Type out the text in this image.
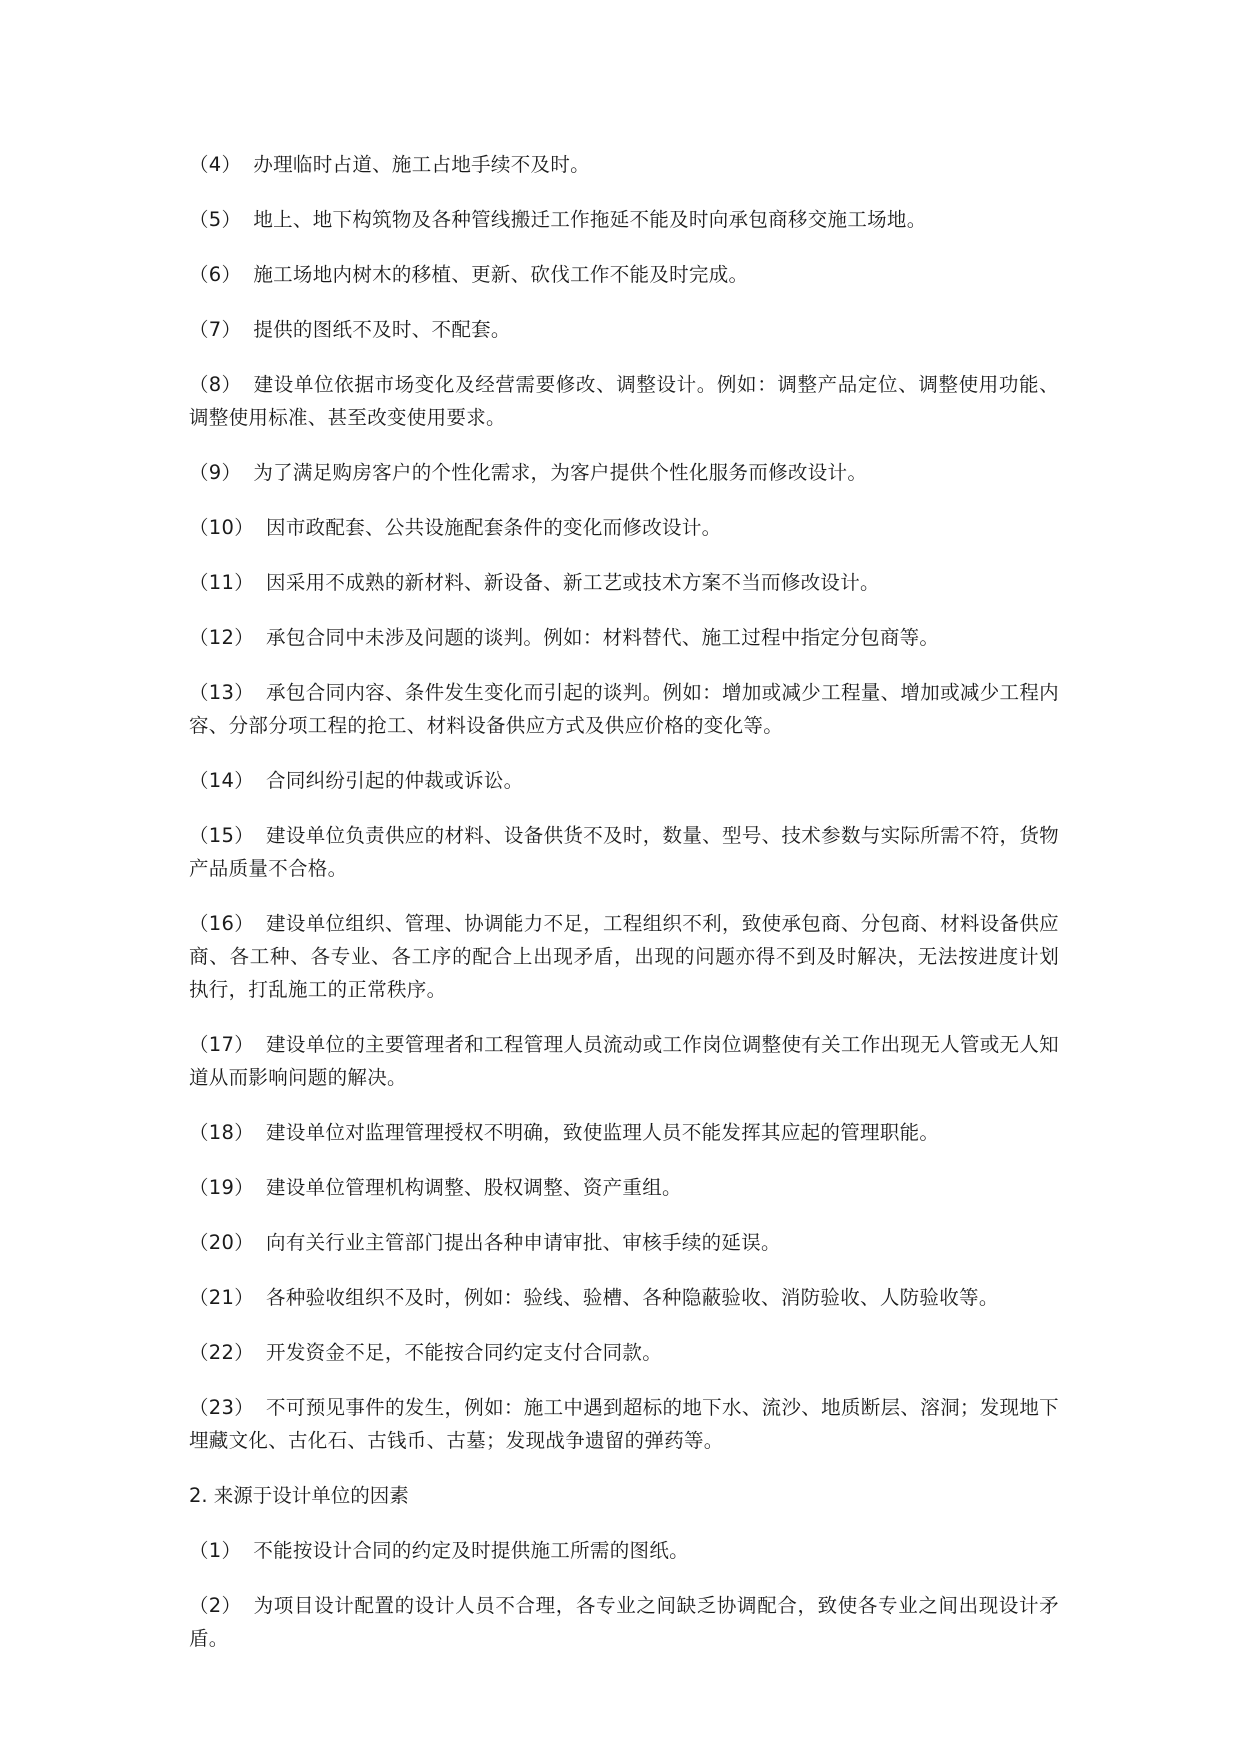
（4） 办理临时占道、施工占地手续不及时。

（5） 地上、地下构筑物及各种管线搬迁工作拖延不能及时向承包商移交施工场地。

（6） 施工场地内树木的移植、更新、砍伐工作不能及时完成。

（7） 提供的图纸不及时、不配套。

（8） 建设单位依据市场变化及经营需要修改、调整设计。例如：调整产品定位、调整使用功能、调整使用标准、甚至改变使用要求。

（9） 为了满足购房客户的个性化需求，为客户提供个性化服务而修改设计。

（10） 因市政配套、公共设施配套条件的变化而修改设计。

（11） 因采用不成熟的新材料、新设备、新工艺或技术方案不当而修改设计。

（12） 承包合同中未涉及问题的谈判。例如：材料替代、施工过程中指定分包商等。

（13） 承包合同内容、条件发生变化而引起的谈判。例如：增加或减少工程量、增加或减少工程内容、分部分项工程的抢工、材料设备供应方式及供应价格的变化等。

（14） 合同纠纷引起的仲裁或诉讼。

（15） 建设单位负责供应的材料、设备供货不及时，数量、型号、技术参数与实际所需不符，货物产品质量不合格。

（16） 建设单位组织、管理、协调能力不足，工程组织不利，致使承包商、分包商、材料设备供应商、各工种、各专业、各工序的配合上出现矛盾，出现的问题亦得不到及时解决，无法按进度计划执行，打乱施工的正常秩序。

（17） 建设单位的主要管理者和工程管理人员流动或工作岗位调整使有关工作出现无人管或无人知道从而影响问题的解决。

（18） 建设单位对监理管理授权不明确，致使监理人员不能发挥其应起的管理职能。

（19） 建设单位管理机构调整、股权调整、资产重组。

（20） 向有关行业主管部门提出各种申请审批、审核手续的延误。

（21） 各种验收组织不及时，例如：验线、验槽、各种隐蔽验收、消防验收、人防验收等。

（22） 开发资金不足，不能按合同约定支付合同款。

（23） 不可预见事件的发生，例如：施工中遇到超标的地下水、流沙、地质断层、溶洞；发现地下埋藏文化、古化石、古钱币、古墓；发现战争遗留的弹药等。

2. 来源于设计单位的因素

（1） 不能按设计合同的约定及时提供施工所需的图纸。

（2） 为项目设计配置的设计人员不合理，各专业之间缺乏协调配合，致使各专业之间出现设计矛盾。
